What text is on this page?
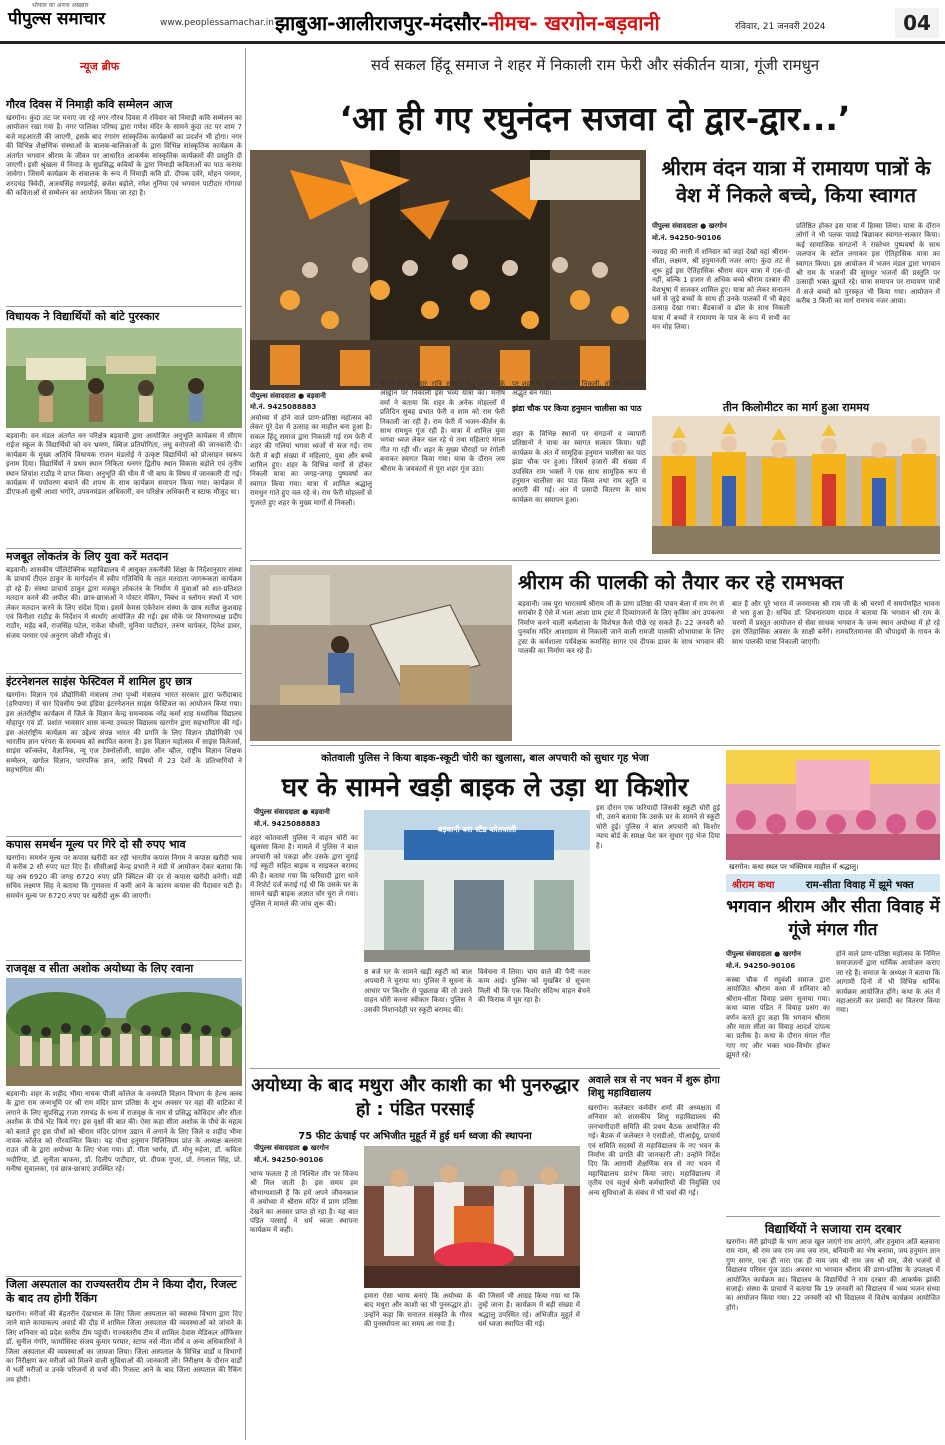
पीपुल्स समाचार
भोपाल का अपना अखबार
www.peoplessamachar.in झाबुआ-आलीराजपुर-मंदसौर-नीमच- खरगोन-बड़वानी	रविवार, 21 जनवरी 2024	04
न्यूज ब्रीफ
गौरव दिवस में निमाड़ी कवि सम्मेलन आज
खरगोन। कुंदा तट पर मनाए जा रहे नगर गौरव दिवस में रविवार को निमाड़ी कवि सम्मेलन का आयोजन रखा गया है। नगर पालिका परिषद द्वारा गणेश मंदिर के सामने कुंदा तट पर शाम 7 बजे महआरती की जाएगी, इसके बाद रंगारंग सांस्कृतिक कार्यक्रमों का प्रदर्शन भी होगा। नगर की विभिन्न शैक्षणिक संस्थाओं के बालक-बालिकाओं के द्वारा विभिन्न सांस्कृतिक कार्यक्रम के अंतर्गत भगवान श्रीराम के जीवन पर आधारित आकर्षक सांस्कृतिक कार्यक्रमों की प्रस्तुति दी जाएगी। इसी श्रृंखला में निमाड़ के सुप्रसिद्ध कवियों के द्वारा निमाड़ी कविताओं का पाठ कराया जावेगा। जिसमें कार्यक्रम के संचालक के रूप में निमाड़ी कवि डॉ. दीपक दवेरे, मोहन परमार, शरदचंद्र त्रिवेदी, अजयसिंह मण्डलोई, ब्रजेश बड़ोले, रमेश नूनिया एवं भगवान पाटीदार गोगावां की कविताओं से सम्मेलन का आयोजन किया जा रहा है।
विधायक ने विद्यार्थियों को बांटे पुरस्कार
बड़वानी। वन मंडल अंतर्गत वन परिक्षेत्र बड़वानी द्वारा आयोजित अनुभूति कार्यक्रम में सीएम राईज स्कूल के विद्यार्थियों को वन भ्रमण, क्विज प्रतियोगिता, लघु वनोपजों की जानकारी दी। कार्यक्रम के मुख्य अतिथि विधायक राजन मंडलोई ने उत्कृष्ट विद्यार्थियों को प्रोत्साहन स्वरूप इनाम दिया। विद्यार्थियों ने प्रथम स्थान निकिता धनगर द्वितीय स्थान विकास बड़ोले एवं तृतीय स्थान शिवांश राठौड़ ने प्राप्त किया। अनुभूति की थीम मैं भी बाघ के विषय में जानकारी दी गई। कार्यक्रम में पर्यावरण बचाने की शपथ के साथ कार्यक्रम समापन किया गया। कार्यक्रम में डीएफओ सुश्री आशा भगोरे, उपवनमंडल अधिकारी, वन परिक्षेत्र अधिकारी व स्टाफ मौजूद था।
मजबूत लोकतंत्र के लिए युवा करें मतदान
बड़वानी। शासकीय पॉलिटेक्निक महाविद्यालय में आयुक्त तकनीकी शिक्षा के निर्देशानुसार संस्था के प्राचार्य टीएल ठाकुर के मार्गदर्शन में स्वीप गतिविधि के तहत मतदाता जागरूकता कार्यक्रम हो रहे हैं। संस्था प्राचार्य ठाकुर द्वारा मजबूत लोकतंत्र के निर्माण में युवाओं को शत-प्रतिशत मतदान करने की अपील की। छात्र-छात्राओं ने पोस्टर मेकिंग, निबंध व स्लोगन स्पर्धा में भाग लेकर मतदान करने के लिए संदेश दिया। इसमें केमस एंकेरेशन संस्था के छात्र सतीश कुशवाह एवं विनीशा राठौड़ के निर्देशन में स्पर्धाएं आयोजित की गईं। इस मौके पर विभागाध्यक्ष प्रदीप राठौर, महेंद्र बर्वे, राजसिंह पटेल, राकेश चौधरी, मुनिया पाटीदार, तरुण चापेकर, दिनेश डावर, संजय परमार एवं अनुराग जोशी मौजूद थे।
इंटरनेशनल साइंस फेस्टिवल में शामिल हुए छात्र
खरगोन। विज्ञान एवं प्रौद्योगिकी मंत्रालय तथा पृथ्वी मंत्रालय भारत सरकार द्वारा फरीदाबाद (हरियाणा) में चार दिवसीय 9वां इंडिया इंटरनेशनल साइंस फेस्टिवल का आयोजन किया गया। इस अंतर्राष्ट्रीय कार्यक्रम में जिले के विज्ञान केन्द्र समन्वयक नरेंद्र कर्मा शाह मध्यमिक विद्यालय मोहापुर एवं डॉ. प्रशांत भावसार शास कन्या उच्चतर विद्यालय खरगोन द्वारा सहभागिता की गई। इस अंतर्राष्ट्रीय कार्यक्रम का उद्देश्य संपन्न भारत की प्रगति के लिए विज्ञान प्रौद्योगिकी एवं भारतीय ज्ञान परंपरा के समन्वय को स्थापित करना है। इस विज्ञान महोत्सव में साइंस विलेजर्स, साइंस कॉन्क्लेव, वैज्ञानिक, न्यू एज टेक्नोलॉजी, साइंस ऑन व्हील, राष्ट्रीय विज्ञान शिक्षक सम्मेलन, खगोल विज्ञान, पारंपरिक ज्ञान, आदि विषयों में 23 देशों के प्रतिभागियों ने सहभागिता की।
कपास समर्थन मूल्य पर गिरे दो सौ रुपए भाव
खरगोन। समर्थन मूल्य पर कपास खरीदी कर रही भारतीय कपास निगम ने कपास खरीदी भाव में करीब 2 सौ रुपए घटा दिए हैं। सीसीआई केन्द्र प्रभारी ने मंडी में आयोजन देकर बताया कि यह अब 6920 की जगह 6720 रुपए प्रति क्विंटल की दर से कपास खरीदी करेगी। मंडी सचिव लक्ष्मण सिंह ने बताया कि गुणवत्ता में कमी आने के कारण कपास की पैदावार घटी है। समर्थन मूल्य पर 6720 रुपए पर खरीदी शुरू की जाएगी।
राजवृक्ष व सीता अशोक अयोध्या के लिए रवाना
बड़वानी। शहर के शहीद भीमा नायक पीजी कॉलेज के वनस्पति विज्ञान विभाग के हेल्थ क्लब के द्वारा राम जन्मभूमि पर श्री राम मंदिर प्राण प्रतिष्ठा के शुभ अवसर पर वहां की वाटिका में लगाने के लिए सुप्रसिद्ध राजा रामचंद्र के धन्य में राजवृक्ष के नाम से प्रसिद्ध कोविदार और सीता अशोक के पौधे भेंट किये गए। इस वृक्षों की बात की। ऐसा कहा सीता अशोक के पौधे के महत्व को बताते हुए इस पौधों को श्रीराम मंदिर प्रांगण उद्यान में लगाने के लिए जिले व शहीद भीमा नायक कॉलेज को गौरवान्वित किया। यह पौधा हनुमान मिलिनियम प्रांत के अध्यक्ष बलराम राउत जी के द्वारा अयोध्या के लिए भेजा गया। डॉ. गीता भार्गव, डॉ. मोनू रुहेला, डॉ. कविता भदौरिया, डॉ. सुनीता बाफना, डॉ. दिलीप पाटीदार, प्रो. दीपक गुप्ता, प्रो. रंगलाल सिंह, प्रो. मनीषा सुवालका, एवं छात्र-छात्राएं उपस्थित रहे।
जिला अस्पताल का राज्यस्तरीय टीम ने किया दौरा, रिजल्ट के बाद तय होगी रैंकिंग
खरगोन। मरीजों की बेहतरीन देखभाल के लिए जिला अस्पताल को स्वास्थ्य विभाग द्वारा दिए जाने वाले कायाकल्प अवार्ड की दौड़ में शामिल जिला अस्पताल की व्यवस्थाओं को जांचने के लिए शनिवार को प्रदेश स्तरीय टीम पहुंची। राज्यस्तरीय टीम में शामिल देवास मेडिकल ऑफिसर डॉ. सुनील गंगोरे, फार्मासिस्ट संजय कुमार परमार, स्टाफ नर्स नीता मौर्य व अन्य अधिकारियों ने जिला अस्पताल की व्यवस्थाओं का जायजा लिया। जिला अस्पताल के विभिन्न वार्डों व विभागों का निरीक्षण कर मरीजों को मिलने वाली सुविधाओं की जानकारी ली। निरीक्षण के दौरान वार्डों में भर्ती मरीजों व उनके परिजनों से चर्चा की। रिजल्ट आने के बाद जिला अस्पताल की रैंकिंग तय होगी।
सर्व सकल हिंदू समाज ने शहर में निकाली राम फेरी और संकीर्तन यात्रा, गूंजी रामधुन
‘आ ही गए रघुनंदन सजवा दो द्वार-द्वार...’
पीपुल्स संवाददाता ● बड़वानी
मो.नं. 9425088883
अयोध्या में होने वाले प्राण-प्रतिष्ठा महोत्सव को लेकर पूरे देश में उत्साह का माहौल बना हुआ है। सकल हिंदू समाज द्वारा निकाली गई राम फेरी में शहर की गलियां भगवा ध्वजों से सज गईं। राम फेरी में बड़ी संख्या में महिलाएं, युवा और बच्चे शामिल हुए। शहर के विभिन्न मार्गों से होकर निकली यात्रा का जगह-जगह पुष्पवर्षा कर स्वागत किया गया। यात्रा में शामिल श्रद्धालु रामधुन गाते हुए चल रहे थे। राम फेरी मोहल्लों से गुजरते हुए शहर के मुख्य मार्गों से निकली।
मीका था शुक्रवार रात्रि सकल हिंदू समाज के आह्वान पर निकाली इस भव्य यात्रा का। मनीष वर्मा ने बताया कि शहर के अनेक मोहल्लों में प्रतिदिन सुबह प्रभात फेरी व शाम को राम फेरी निकाली जा रही है। राम फेरी में भजन-कीर्तन के साथ रामधुन गूंज रही है। यात्रा में शामिल युवा भगवा ध्वज लेकर चल रहे थे तथा महिलाएं मंगल गीत गा रही थीं। शहर के मुख्य चौराहों पर रंगोली बनाकर स्वागत किया गया। यात्रा के दौरान जय श्रीराम के जयकारों से पूरा शहर गूंज उठा।
पर शहर के मुख्य मार्गों से निकली, तो यह आयोजन अद्भुत बन गया।
झंडा चौक पर किया हनुमान चालीसा का पाठ
शहर के विभिन्न स्थानों पर संगठनों व व्यापारी प्रतिष्ठानों ने यात्रा का स्वागत सत्कार किया। यही कार्यक्रम के अंत में सामूहिक हनुमान चालीसा का पाठ झंडा चौक पर हुआ। जिसमें हजारों की संख्या में उपस्थित राम भक्तों ने एक साथ सामूहिक रूप से हनुमान चालीसा का पाठ किया तथा राम स्तुति व आरती की गई। अंत में प्रसादी वितरण के साथ कार्यक्रम का समापन हुआ।
श्रीराम वंदन यात्रा में रामायण पात्रों के वेश में निकले बच्चे, किया स्वागत
पीपुल्स संवाददाता ● खरगोन
मो.नं. 94250-90106
नवग्रह की नगरी में शनिवार को जहां देखो वहां श्रीराम-सीता, लक्ष्मण, श्री हनुमानजी नजर आए। कुंदा तट से शुरू हुई इस ऐतिहासिक श्रीराम वंदन यात्रा में एक-दो नहीं, बल्कि 1 हजार से अधिक बच्चे श्रीराम दरबार की वेशभूषा में सजकर शामिल हुए। यात्रा को लेकर सनातन धर्म से जुड़े बच्चों के साथ ही उनके पालकों में भी बेहद उत्साह देखा गया। बैंडबाजों व ढोल के साथ निकली यात्रा में बच्चों ने रामायण के पात्र के रूप में सभी का मन मोह लिया।
प्रतिष्ठित होकर इस यात्रा में हिस्सा लिया। यात्रा के दौरान लोगों ने भी पलक पावड़े बिछाकर स्वागत-सत्कार किया। कई सामाजिक संगठनों ने रास्तेभर पुष्पवर्षा के साथ जलपान के स्टॉल लगाकर इस ऐतिहासिक यात्रा का स्वागत किया। इस आयोजन में भजन मंडल द्वारा भगवान श्री राम के भजनों की सुमधुर भजनों की प्रस्तुति पर उत्साही भक्त झूमते रहे। यात्रा समापन पर रामायण पात्रों में सजे बच्चों को पुरस्कृत भी किया गया। आयोजन में करीब 3 किमी का मार्ग रामभय नजर आया।
तीन किलोमीटर का मार्ग हुआ राममय
श्रीराम की पालकी को तैयार कर रहे रामभक्त
बड़वानी। जब पूरा भारतवर्ष श्रीराम जी के प्राण प्रतिष्ठा की पावन बेला में राम रंग से सराबोर है ऐसे में भला आशा ग्राम ट्रस्ट में दिव्यांगजनों के लिए कृत्रिम अंग उपकरण निर्माण करने वाली कर्मशाला के विशेषज्ञ कैसे पीछे रह सकते हैं। 22 जनवरी को पुनर्वास मंदिर आशाग्राम से निकाली जाने वाली रामजी पालकी शोभायात्रा के लिए ट्रस्ट के कर्मशाला पर्यवेक्षक रूमसिंह सागर एवं दीपक डावर के साथ भगवान की पालकी का निर्माण कर रहे हैं।
बात है और पूरे भारत में जनमानस श्री राम जी के श्री चरणों में समर्पणहित भावना से भरा हुआ है। सचिव डॉ. शिवनारायण यादव ने बताया कि भगवान श्री राम के चरणों में प्रस्तुत आयोजन से सेवा साधक भगवान के जन्म स्थान अयोध्या में हो रहे इस ऐतिहासिक अवसर के साक्षी बनेंगे। रामचरितमानस की चौपाइयों के गायन के साथ पालकी यात्रा निकाली जाएगी।
कोतवाली पुलिस ने किया बाइक-स्कूटी चोरी का खुलासा, बाल अपचारी को सुधार गृह भेजा
घर के सामने खड़ी बाइक ले उड़ा था किशोर
पीपुल्स संवाददाता ● बड़वानी
मो.नं. 9425088883
शहर कोतवाली पुलिस ने वाहन चोरी का खुलासा किया है। मामले में पुलिस ने बाल अपचारी को पकड़ा और उसके द्वारा चुराई गई स्कूटी सहित बाइक व साइकल बरामद की है। बताया गया कि फरियादी द्वारा थाने में रिपोर्ट दर्ज कराई गई थी कि उसके घर के सामने खड़ी बाइक अज्ञात चोर चुरा ले गया। पुलिस ने मामले की जांच शुरू की।
बड़वानी बस स्टैंड कोतवाली
8 बजे घर के सामने खड़ी स्कूटी को बाल अपचारी ने चुराया था। पुलिस ने सूचना के आधार पर किशोर से पूछताछ की तो उसने वाहन चोरी करना स्वीकार किया। पुलिस ने उसकी निशानदेही पर स्कूटी बरामद की।
विवेचना में लिया। चाय वाले की पैनी नजर काम आई। पुलिस को मुखबिर से सूचना मिली थी कि एक किशोर संदिग्ध वाहन बेचने की फिराक में घूम रहा है।
इस दौरान एक फरियादी जिसकी स्कूटी चोरी हुई थी, उसने बताया कि उसके घर के सामने से स्कूटी चोरी हुई। पुलिस ने बाल अपचारी को किशोर न्याय बोर्ड के समक्ष पेश कर सुधार गृह भेज दिया है।
खरगोन। कथा स्थल पर भक्तिमय माहौल में श्रद्धालु।
श्रीराम कथा	राम-सीता विवाह में झूमे भक्त
भगवान श्रीराम और सीता विवाह में गूंजे मंगल गीत
पीपुल्स संवाददाता ● खरगोन
मो.नं. 94250-90106
कस्बा चौक में रघुवंशी समाज द्वारा आयोजित श्रीराम कथा में शनिवार को श्रीराम-सीता विवाह प्रसंग सुनाया गया। कथा व्यास पंडित ने विवाह प्रसंग का वर्णन करते हुए कहा कि भगवान श्रीराम और माता सीता का विवाह आदर्श दांपत्य का प्रतीक है। कथा के दौरान मंगल गीत गाए गए और भक्त भाव-विभोर होकर झूमते रहे।
होने वाले प्राण-प्रतिष्ठा महोत्सव के निमित्त समाजजनों द्वारा धार्मिक आयोजन कराए जा रहे हैं। समाज के अध्यक्ष ने बताया कि आगामी दिनों में भी विभिन्न धार्मिक कार्यक्रम आयोजित होंगे। कथा के अंत में महाआरती कर प्रसादी का वितरण किया गया।
अयोध्या के बाद मथुरा और काशी का भी पुनरुद्धार हो : पंडित परसाई
75 फीट ऊंचाई पर अभिजीत मुहूर्त में हुई धर्म ध्वजा की स्थापना
पीपुल्स संवाददाता ● खरगोन
मो.नं. 94250-90106
भाग्य फलता है तो निश्चित तौर पर विजय श्री मिल जाती है। इस समय हम सौभाग्यशाली हैं कि हमें अपने जीवनकाल में अयोध्या में श्रीराम मंदिर में प्राण प्रतिष्ठा देखने का अवसर प्राप्त हो रहा है। यह बात पंडित परसाई ने धर्म ध्वजा स्थापना कार्यक्रम में कही।
हमारा ऐसा भाग्य बनाएं कि अयोध्या के बाद मथुरा और काशी का भी पुनरुद्धार हो। उन्होंने कहा कि सनातन संस्कृति के गौरव की पुनर्स्थापना का समय आ गया है।
की जिसमें भी आग्रह किया गया था कि तुम्हें जाना है। कार्यक्रम में बड़ी संख्या में श्रद्धालु उपस्थित रहे। अभिजीत मुहूर्त में धर्म ध्वजा स्थापित की गई।
अवाले सत्र से नए भवन में शुरू होगा शिशु महाविद्यालय
खरगोन। कलेक्टर कर्मवीर शर्मा की अध्यक्षता में शनिवार को शासकीय शिशु महाविद्यालय की जनभागीदारी समिति की प्रथम बैठक आयोजित की गई। बैठक में कलेक्टर ने एसडीओ, पीआईयू, प्राचार्य एवं समिति सदस्यों से महाविद्यालय के नए भवन के निर्माण की प्रगति की जानकारी ली। उन्होंने निर्देश दिए कि आगामी शैक्षणिक सत्र से नए भवन में महाविद्यालय प्रारंभ किया जाए। महाविद्यालय में तृतीय एवं चतुर्थ श्रेणी कर्मचारियों की नियुक्ति एवं अन्य सुविधाओं के संबंध में भी चर्चा की गई।
विद्यार्थियों ने सजाया राम दरबार
खरगोन। मेरी झोपड़ी के भाग आज खुल जाएंगे राम आएंगे, और हनुमान अति बलवाना राम नाम, श्री राम जय राम जय जय राम, बनियानी का भेष बनाया, जय हनुमान ज्ञान गुण सागर, एक ही नारा एक ही नाम जय श्री राम जय श्री राम, जैसे भजनों से विद्यालय परिसर गूंज उठा। अवसर था भगवान श्रीराम की प्राण-प्रतिष्ठा के उपलक्ष्य में आयोजित कार्यक्रम का। विद्यालय के विद्यार्थियों ने राम दरबार की आकर्षक झांकी सजाई। संस्था के प्राचार्य ने बताया कि 19 जनवरी को विद्यालय में भव्य भजन संध्या का आयोजन किया गया। 22 जनवरी को भी विद्यालय में विशेष कार्यक्रम आयोजित होंगे।
